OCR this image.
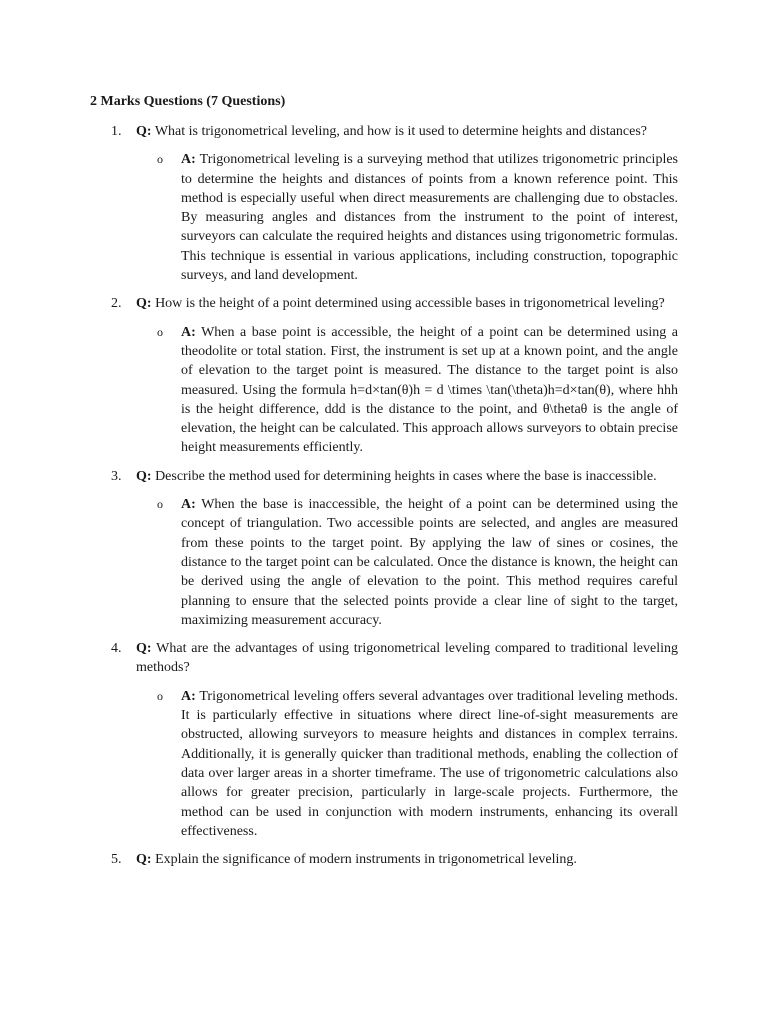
2 Marks Questions (7 Questions)
1. Q: What is trigonometrical leveling, and how is it used to determine heights and distances?
o A: Trigonometrical leveling is a surveying method that utilizes trigonometric principles to determine the heights and distances of points from a known reference point. This method is especially useful when direct measurements are challenging due to obstacles. By measuring angles and distances from the instrument to the point of interest, surveyors can calculate the required heights and distances using trigonometric formulas. This technique is essential in various applications, including construction, topographic surveys, and land development.
2. Q: How is the height of a point determined using accessible bases in trigonometrical leveling?
o A: When a base point is accessible, the height of a point can be determined using a theodolite or total station. First, the instrument is set up at a known point, and the angle of elevation to the target point is measured. The distance to the target point is also measured. Using the formula h=d×tan⁡(θ)h = d \times \tan(\theta)h=d×tan(θ), where hhh is the height difference, ddd is the distance to the point, and θ\thetaθ is the angle of elevation, the height can be calculated. This approach allows surveyors to obtain precise height measurements efficiently.
3. Q: Describe the method used for determining heights in cases where the base is inaccessible.
o A: When the base is inaccessible, the height of a point can be determined using the concept of triangulation. Two accessible points are selected, and angles are measured from these points to the target point. By applying the law of sines or cosines, the distance to the target point can be calculated. Once the distance is known, the height can be derived using the angle of elevation to the point. This method requires careful planning to ensure that the selected points provide a clear line of sight to the target, maximizing measurement accuracy.
4. Q: What are the advantages of using trigonometrical leveling compared to traditional leveling methods?
o A: Trigonometrical leveling offers several advantages over traditional leveling methods. It is particularly effective in situations where direct line-of-sight measurements are obstructed, allowing surveyors to measure heights and distances in complex terrains. Additionally, it is generally quicker than traditional methods, enabling the collection of data over larger areas in a shorter timeframe. The use of trigonometric calculations also allows for greater precision, particularly in large-scale projects. Furthermore, the method can be used in conjunction with modern instruments, enhancing its overall effectiveness.
5. Q: Explain the significance of modern instruments in trigonometrical leveling.
